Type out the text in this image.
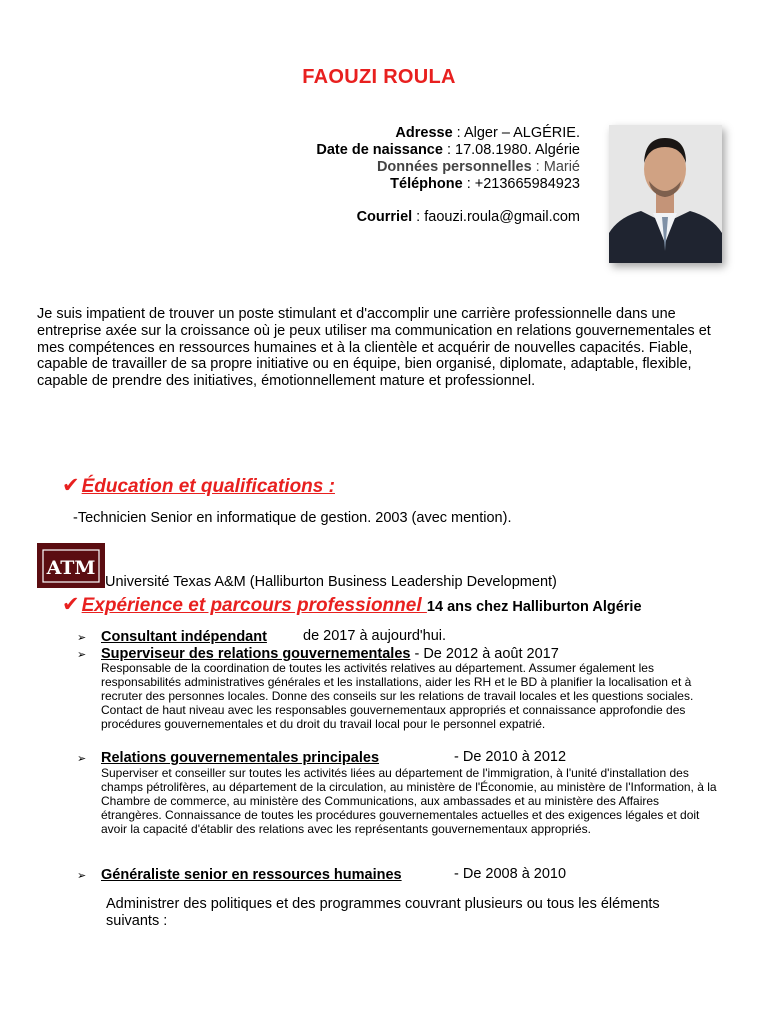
FAOUZI ROULA
Adresse : Alger – ALGÉRIE.
Date de naissance : 17.08.1980. Algérie
Données personnelles : Marié
Téléphone : +213665984923
Courriel : faouzi.roula@gmail.com
Je suis impatient de trouver un poste stimulant et d'accomplir une carrière professionnelle dans une entreprise axée sur la croissance où je peux utiliser ma communication en relations gouvernementales et mes compétences en ressources humaines et à la clientèle et acquérir de nouvelles capacités. Fiable, capable de travailler de sa propre initiative ou en équipe, bien organisé, diplomate, adaptable, flexible, capable de prendre des initiatives, émotionnellement mature et professionnel.
✔ Éducation et qualifications :
-Technicien Senior en informatique de gestion. 2003 (avec mention).
ATM
Université Texas A&M (Halliburton Business Leadership Development)
✔ Expérience et parcours professionnel 14 ans chez Halliburton Algérie
➢ Consultant indépendant de 2017 à aujourd'hui.
➢ Superviseur des relations gouvernementales - De 2012 à août 2017
Responsable de la coordination de toutes les activités relatives au département. Assumer également les responsabilités administratives générales et les installations, aider les RH et le BD à planifier la localisation et à recruter des personnes locales. Donne des conseils sur les relations de travail locales et les questions sociales. Contact de haut niveau avec les responsables gouvernementaux appropriés et connaissance approfondie des procédures gouvernementales et du droit du travail local pour le personnel expatrié.
➢ Relations gouvernementales principales	- De 2010 à 2012
Superviser et conseiller sur toutes les activités liées au département de l'immigration, à l'unité d'installation des champs pétrolifères, au département de la circulation, au ministère de l'Économie, au ministère de l'Information, à la Chambre de commerce, au ministère des Communications, aux ambassades et au ministère des Affaires étrangères. Connaissance de toutes les procédures gouvernementales actuelles et des exigences légales et doit avoir la capacité d'établir des relations avec les représentants gouvernementaux appropriés.
➢ Généraliste senior en ressources humaines	- De 2008 à 2010
Administrer des politiques et des programmes couvrant plusieurs ou tous les éléments suivants :
